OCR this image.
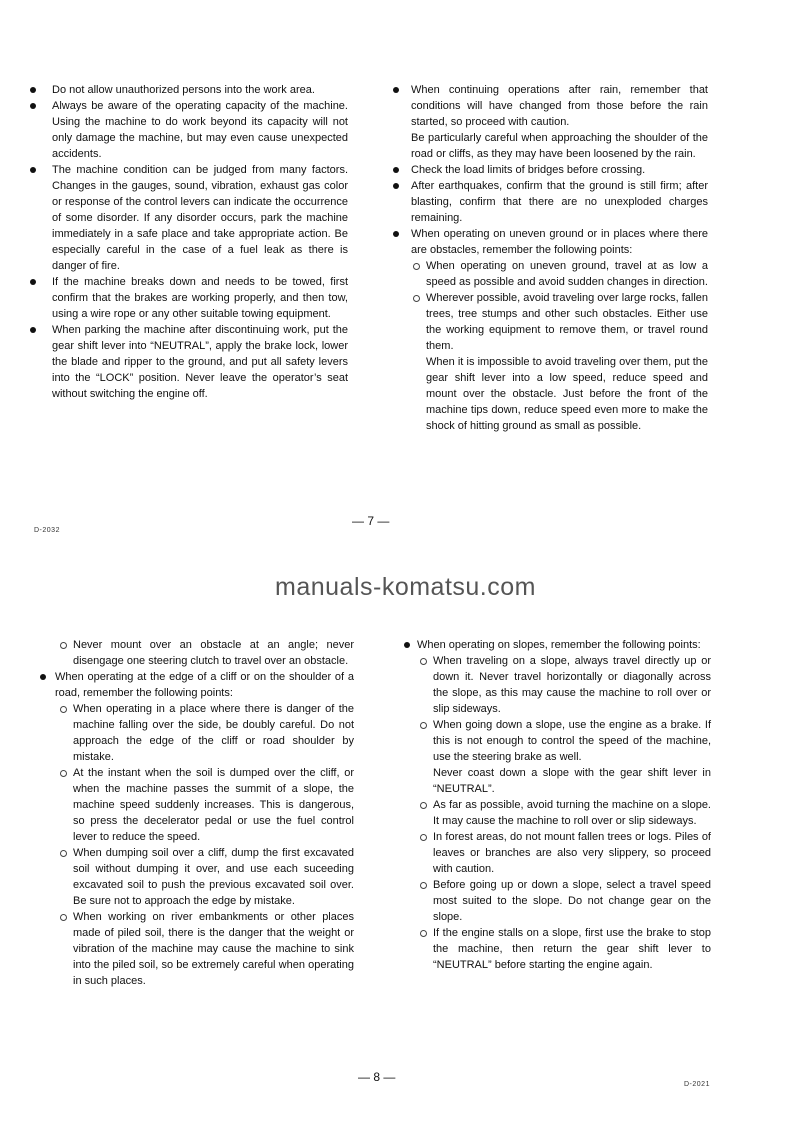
manuals-komatsu.com
Do not allow unauthorized persons into the work area.
Always be aware of the operating capacity of the machine. Using the machine to do work beyond its capacity will not only damage the machine, but may even cause unexpected accidents.
The machine condition can be judged from many factors. Changes in the gauges, sound, vibration, exhaust gas color or response of the control levers can indicate the occurrence of some disorder. If any disorder occurs, park the machine immediately in a safe place and take appropriate action. Be especially careful in the case of a fuel leak as there is danger of fire.
If the machine breaks down and needs to be towed, first confirm that the brakes are working properly, and then tow, using a wire rope or any other suitable towing equipment.
When parking the machine after discontinuing work, put the gear shift lever into “NEUTRAL”, apply the brake lock, lower the blade and ripper to the ground, and put all safety levers into the “LOCK” position. Never leave the operator’s seat without switching the engine off.
When continuing operations after rain, remember that conditions will have changed from those before the rain started, so proceed with caution.
Be particularly careful when approaching the shoulder of the road or cliffs, as they may have been loosened by the rain.
Check the load limits of bridges before crossing.
After earthquakes, confirm that the ground is still firm; after blasting, confirm that there are no unexploded charges remaining.
When operating on uneven ground or in places where there are obstacles, remember the following points:
When operating on uneven ground, travel at as low a speed as possible and avoid sudden changes in direction.
Wherever possible, avoid traveling over large rocks, fallen trees, tree stumps and other such obstacles. Either use the working equipment to remove them, or travel round them.
When it is impossible to avoid traveling over them, put the gear shift lever into a low speed, reduce speed and mount over the obstacle. Just before the front of the machine tips down, reduce speed even more to make the shock of hitting ground as small as possible.
— 7 —
D-2032
Never mount over an obstacle at an angle; never disengage one steering clutch to travel over an obstacle.
When operating at the edge of a cliff or on the shoulder of a road, remember the following points:
When operating in a place where there is danger of the machine falling over the side, be doubly careful. Do not approach the edge of the cliff or road shoulder by mistake.
At the instant when the soil is dumped over the cliff, or when the machine passes the summit of a slope, the machine speed suddenly increases. This is dangerous, so press the decelerator pedal or use the fuel control lever to reduce the speed.
When dumping soil over a cliff, dump the first excavated soil without dumping it over, and use each suceeding excavated soil to push the previous excavated soil over. Be sure not to approach the edge by mistake.
When working on river embankments or other places made of piled soil, there is the danger that the weight or vibration of the machine may cause the machine to sink into the piled soil, so be extremely careful when operating in such places.
When operating on slopes, remember the following points:
When traveling on a slope, always travel directly up or down it. Never travel horizontally or diagonally across the slope, as this may cause the machine to roll over or slip sideways.
When going down a slope, use the engine as a brake. If this is not enough to control the speed of the machine, use the steering brake as well.
Never coast down a slope with the gear shift lever in “NEUTRAL”.
As far as possible, avoid turning the machine on a slope. It may cause the machine to roll over or slip sideways.
In forest areas, do not mount fallen trees or logs. Piles of leaves or branches are also very slippery, so proceed with caution.
Before going up or down a slope, select a travel speed most suited to the slope. Do not change gear on the slope.
If the engine stalls on a slope, first use the brake to stop the machine, then return the gear shift lever to “NEUTRAL” before starting the engine again.
— 8 —
D-2021
